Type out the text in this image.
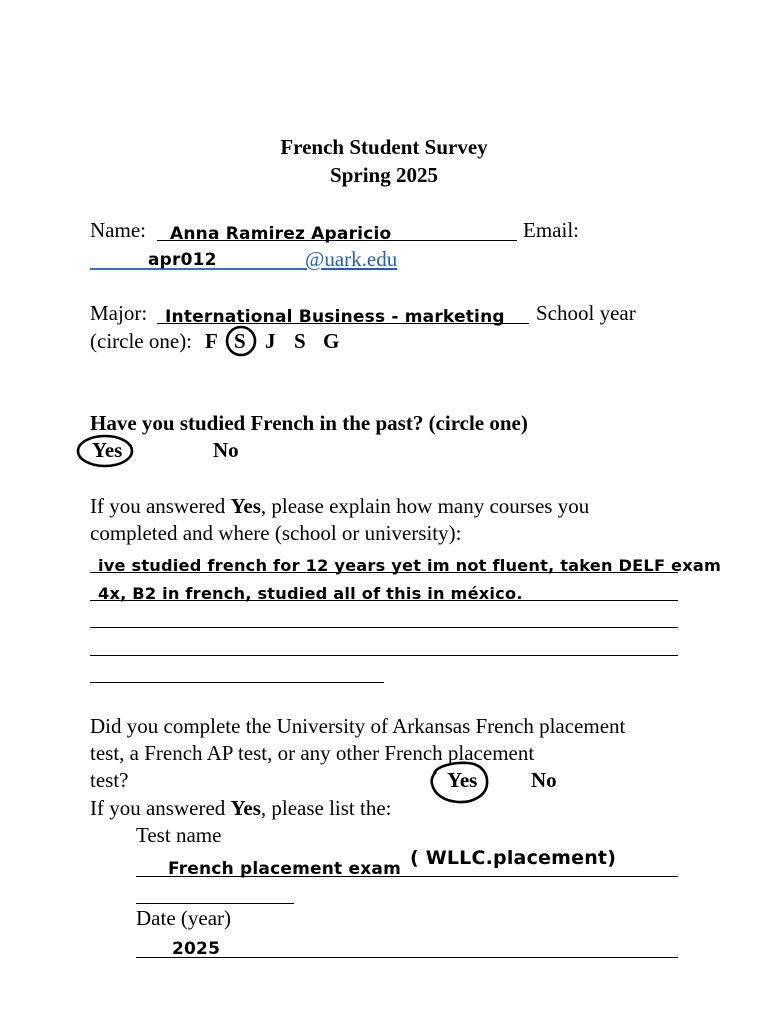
French Student Survey
Spring 2025
Name: Anna Ramirez Aparicio	Email:
apr012	@uark.edu
Major: International Business - marketing School year
(circle one): F S J S G
Have you studied French in the past? (circle one)
Yes	No
If you answered Yes, please explain how many courses you
completed and where (school or university):
ive studied french for 12 years yet im not fluent, taken DELF exam
4x, B2 in french, studied all of this in méxico.
Did you complete the University of Arkansas French placement
test, a French AP test, or any other French placement
test?	Yes	No
If you answered Yes, please list the:
Test name
French placement exam ( WLLC.placement)
Date (year)
2025
